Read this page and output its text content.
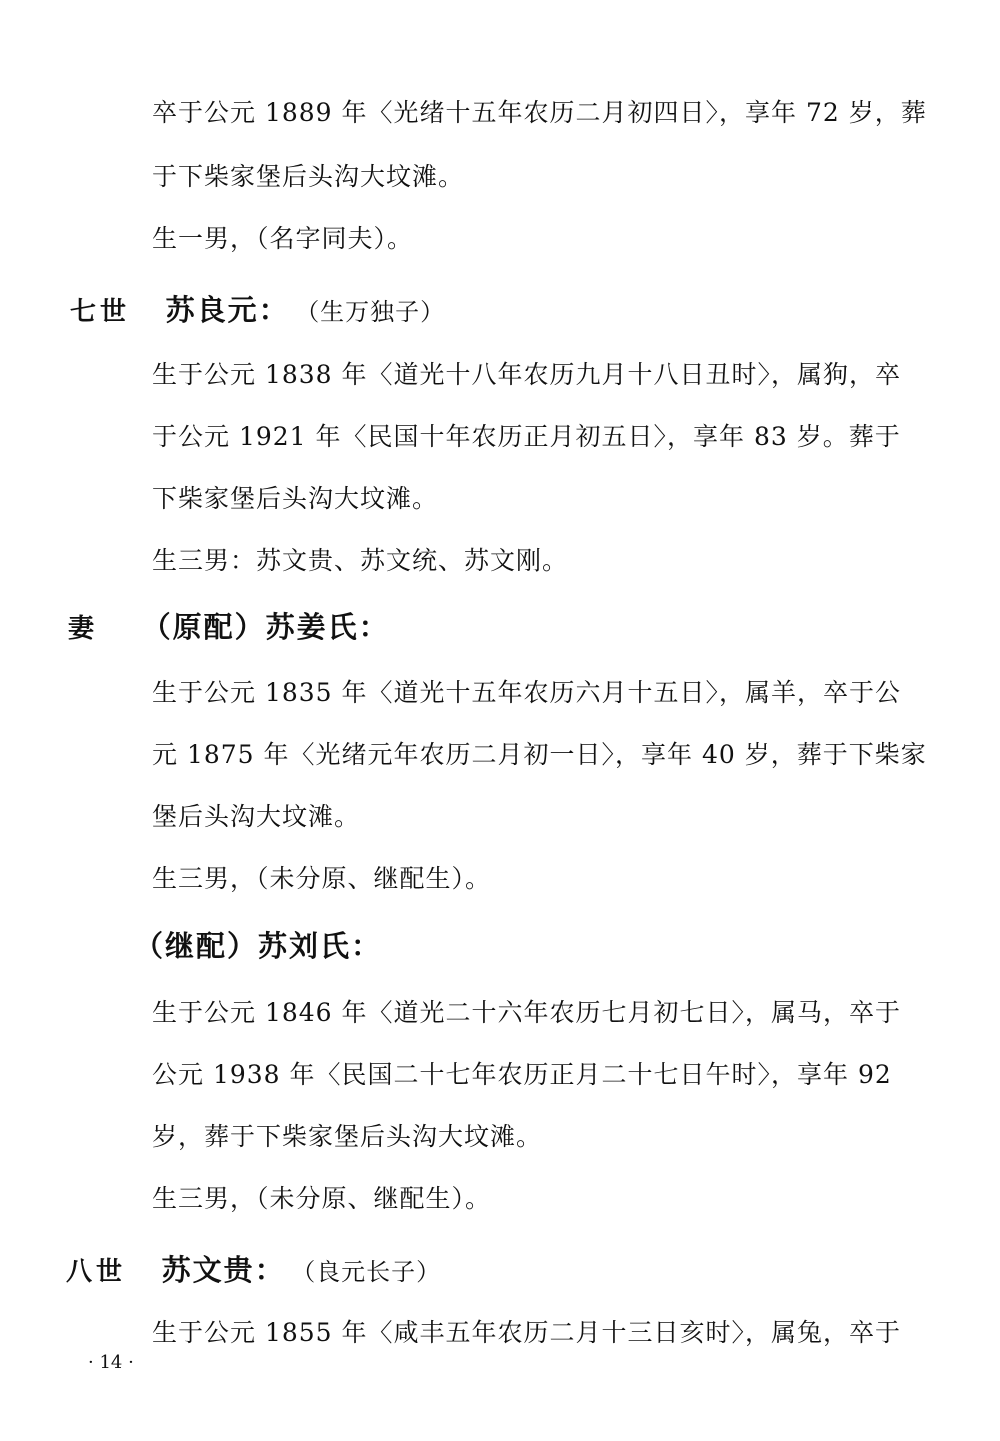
卒于公元 1889 年〈光绪十五年农历二月初四日〉，享年 72 岁，葬
于下柴家堡后头沟大坟滩。
生一男，（名字同夫）。
七世 苏良元： （生万独子）
生于公元 1838 年〈道光十八年农历九月十八日丑时〉，属狗，卒
于公元 1921 年〈民国十年农历正月初五日〉，享年 83 岁。葬于
下柴家堡后头沟大坟滩。
生三男：苏文贵、苏文统、苏文刚。
妻 （原配）苏姜氏：
生于公元 1835 年〈道光十五年农历六月十五日〉，属羊，卒于公
元 1875 年〈光绪元年农历二月初一日〉，享年 40 岁，葬于下柴家
堡后头沟大坟滩。
生三男，（未分原、继配生）。
（继配）苏刘氏：
生于公元 1846 年〈道光二十六年农历七月初七日〉，属马，卒于
公元 1938 年〈民国二十七年农历正月二十七日午时〉，享年 92
岁，葬于下柴家堡后头沟大坟滩。
生三男，（未分原、继配生）。
八世 苏文贵： （良元长子）
生于公元 1855 年〈咸丰五年农历二月十三日亥时〉，属兔，卒于
· 14 ·
